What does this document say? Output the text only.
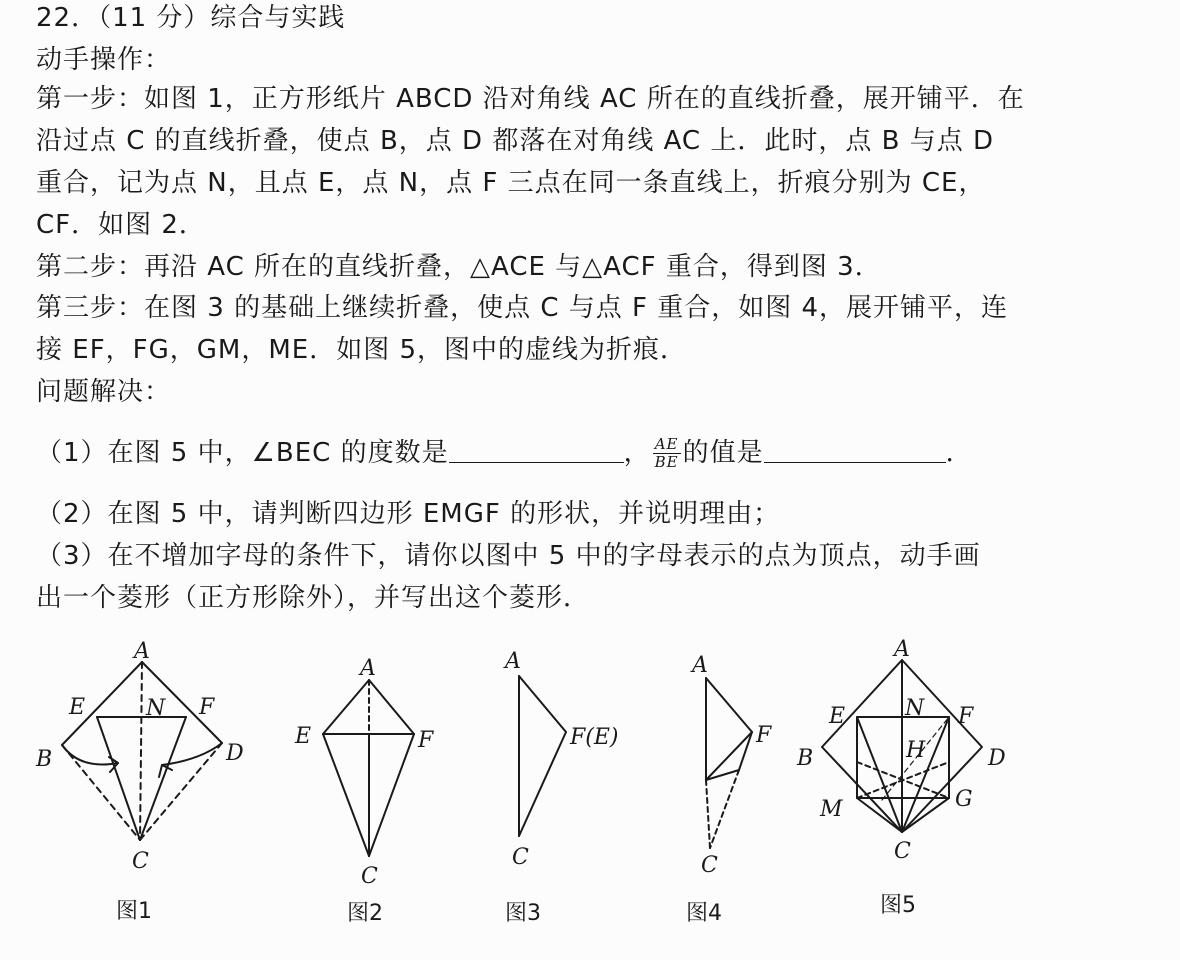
22．（11 分）综合与实践
动手操作：
第一步：如图 1，正方形纸片 ABCD 沿对角线 AC 所在的直线折叠，展开铺平．在
沿过点 C 的直线折叠，使点 B，点 D 都落在对角线 AC 上．此时，点 B 与点 D
重合，记为点 N，且点 E，点 N，点 F 三点在同一条直线上，折痕分别为 CE，
CF．如图 2．
第二步：再沿 AC 所在的直线折叠，△ACE 与△ACF 重合，得到图 3．
第三步：在图 3 的基础上继续折叠，使点 C 与点 F 重合，如图 4，展开铺平，连
接 EF，FG，GM，ME．如图 5，图中的虚线为折痕．
问题解决：
（1）在图 5 中，∠BEC 的度数是	， $\frac{AE}{BE}$ 的值是	．
（2）在图 5 中，请判断四边形 EMGF 的形状，并说明理由；
（3）在不增加字母的条件下，请你以图中 5 中的字母表示的点为顶点，动手画
出一个菱形（正方形除外），并写出这个菱形．
A
B
C
D
E	F
N
图1
A
E	F
C
图2
A
F(E)
C
图3
A
F
C
图4
A
B
C
D
E	F
N
H
M	G
图5
